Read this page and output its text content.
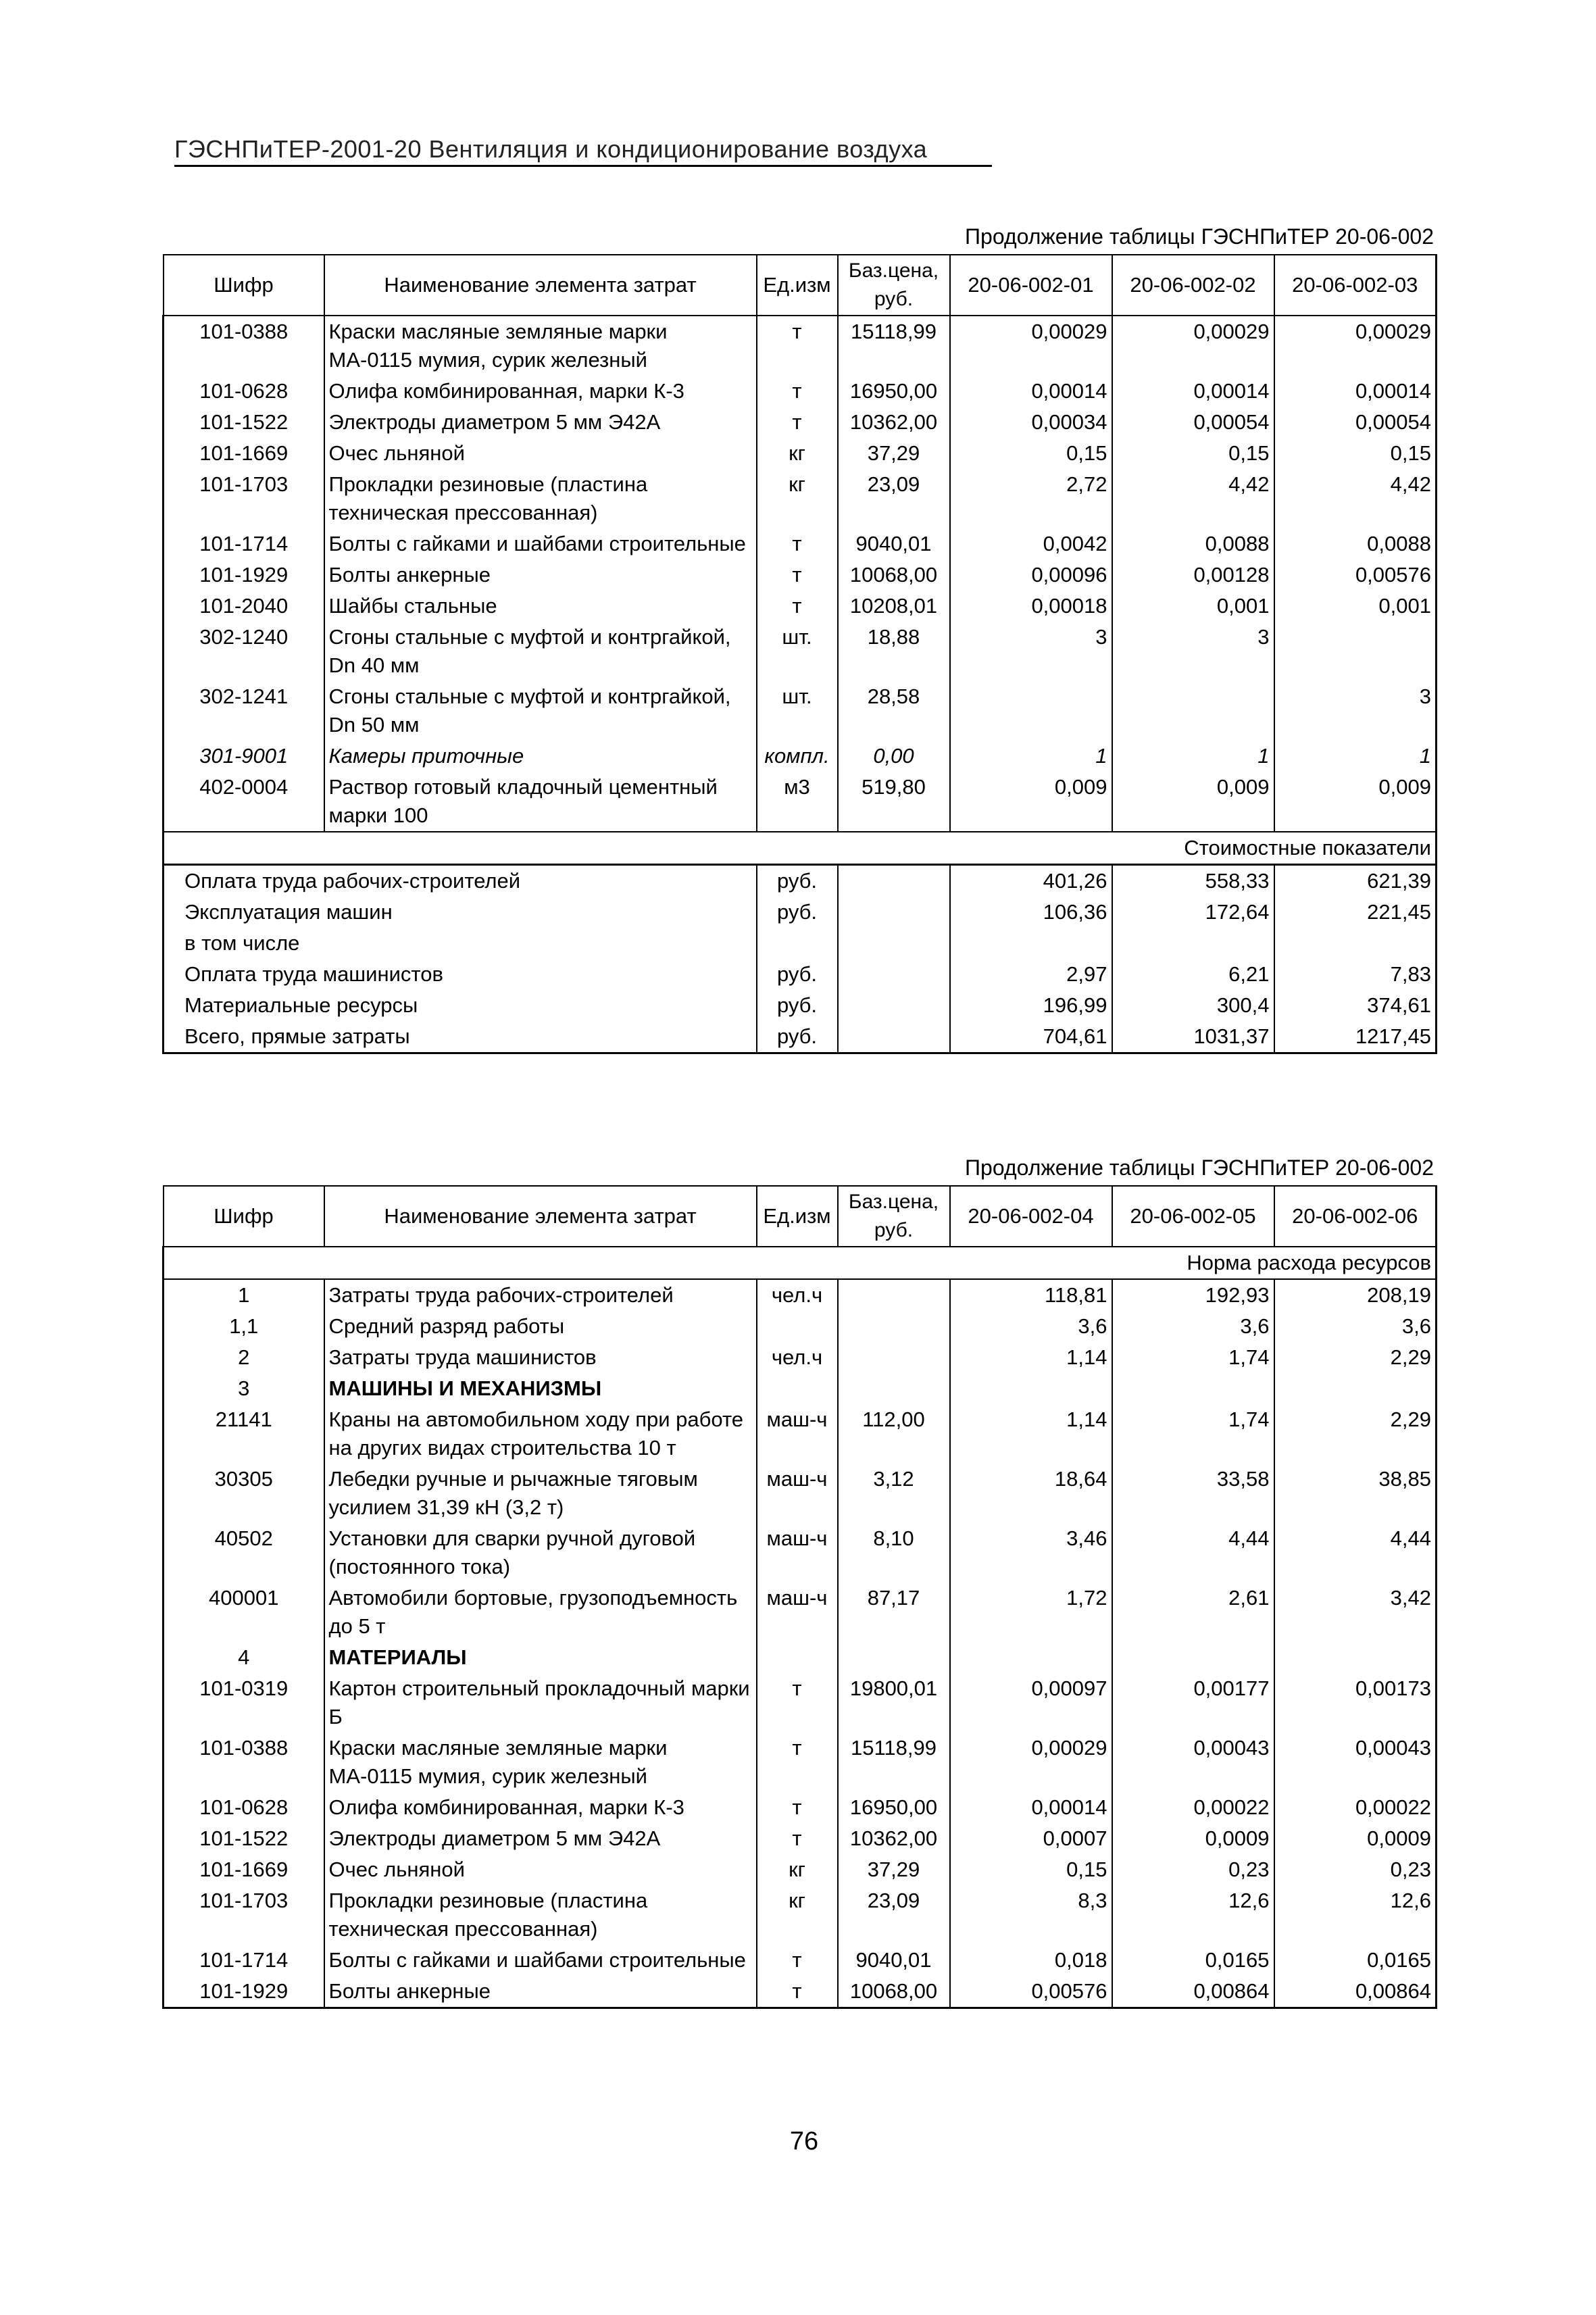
ГЭСНПиТЕР-2001-20 Вентиляция и кондиционирование воздуха
Продолжение таблицы ГЭСНПиТЕР 20-06-002
Шифр	Наименование элемента затрат	Ед.изм	Баз.цена, руб.	20-06-002-01	20-06-002-02	20-06-002-03
101-0388	Краски масляные земляные марки МА-0115 мумия, сурик железный	т	15118,99	0,00029	0,00029	0,00029
101-0628	Олифа комбинированная, марки К-3	т	16950,00	0,00014	0,00014	0,00014
101-1522	Электроды диаметром 5 мм Э42А	т	10362,00	0,00034	0,00054	0,00054
101-1669	Очес льняной	кг	37,29	0,15	0,15	0,15
101-1703	Прокладки резиновые (пластина техническая прессованная)	кг	23,09	2,72	4,42	4,42
101-1714	Болты с гайками и шайбами строительные	т	9040,01	0,0042	0,0088	0,0088
101-1929	Болты анкерные	т	10068,00	0,00096	0,00128	0,00576
101-2040	Шайбы стальные	т	10208,01	0,00018	0,001	0,001
302-1240	Сгоны стальные с муфтой и контргайкой, Dn 40 мм	шт.	18,88	3	3	
302-1241	Сгоны стальные с муфтой и контргайкой, Dn 50 мм	шт.	28,58			3
301-9001	Камеры приточные	компл.	0,00	1	1	1
402-0004	Раствор готовый кладочный цементный марки 100	м3	519,80	0,009	0,009	0,009
Стоимостные показатели						
Оплата труда рабочих-строителей		руб.		401,26	558,33	621,39
Эксплуатация машин		руб.		106,36	172,64	221,45
в том числе						
Оплата труда машинистов		руб.		2,97	6,21	7,83
Материальные ресурсы		руб.		196,99	300,4	374,61
Всего, прямые затраты		руб.		704,61	1031,37	1217,45
Продолжение таблицы ГЭСНПиТЕР 20-06-002
Шифр	Наименование элемента затрат	Ед.изм	Баз.цена, руб.	20-06-002-04	20-06-002-05	20-06-002-06
Норма расхода ресурсов						
1	Затраты труда рабочих-строителей	чел.ч		118,81	192,93	208,19
1,1	Средний разряд работы			3,6	3,6	3,6
2	Затраты труда машинистов	чел.ч		1,14	1,74	2,29
3	МАШИНЫ И МЕХАНИЗМЫ					
21141	Краны на автомобильном ходу при работе на других видах строительства 10 т	маш-ч	112,00	1,14	1,74	2,29
30305	Лебедки ручные и рычажные тяговым усилием 31,39 кН (3,2 т)	маш-ч	3,12	18,64	33,58	38,85
40502	Установки для сварки ручной дуговой (постоянного тока)	маш-ч	8,10	3,46	4,44	4,44
400001	Автомобили бортовые, грузоподъемность до 5 т	маш-ч	87,17	1,72	2,61	3,42
4	МАТЕРИАЛЫ					
101-0319	Картон строительный прокладочный марки Б	т	19800,01	0,00097	0,00177	0,00173
101-0388	Краски масляные земляные марки МА-0115 мумия, сурик железный	т	15118,99	0,00029	0,00043	0,00043
101-0628	Олифа комбинированная, марки К-3	т	16950,00	0,00014	0,00022	0,00022
101-1522	Электроды диаметром 5 мм Э42А	т	10362,00	0,0007	0,0009	0,0009
101-1669	Очес льняной	кг	37,29	0,15	0,23	0,23
101-1703	Прокладки резиновые (пластина техническая прессованная)	кг	23,09	8,3	12,6	12,6
101-1714	Болты с гайками и шайбами строительные	т	9040,01	0,018	0,0165	0,0165
101-1929	Болты анкерные	т	10068,00	0,00576	0,00864	0,00864
76
